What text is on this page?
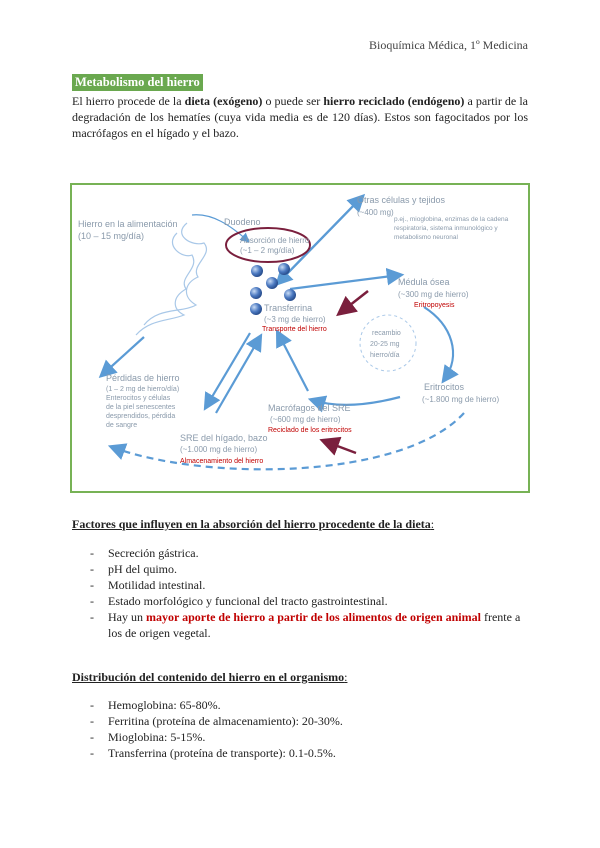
Bioquímica Médica, 1º Medicina
Metabolismo del hierro

El hierro procede de la dieta (exógeno) o puede ser hierro reciclado (endógeno) a partir de la degradación de los hematíes (cuya vida media es de 120 días). Estos son fagocitados por los macrófagos en el hígado y el bazo.

Hierro en la alimentación
(10 – 15 mg/día)
Duodeno
Absorción de hierro
(~1 – 2 mg/día)
Otras células y tejidos
(~400 mg)
p.ej., mioglobina, enzimas de la cadena
respiratoria, sistema inmunológico y
metabolismo neuronal
Transferrina
(~3 mg de hierro)
Transporte del hierro
Médula ósea
(~300 mg de hierro)
Eritropoyesis
recambio
20-25 mg
hierro/día
Pérdidas de hierro
(1 – 2 mg de hierro/día)
Enterocitos y células
de la piel senescentes
desprendidos, pérdida
de sangre
Eritrocitos
(~1.800 mg de hierro)
Macrófagos del SRE
(~600 mg de hierro)
Reciclado de los eritrocitos
SRE del hígado, bazo
(~1.000 mg de hierro)
Almacenamiento del hierro
Factores que influyen en la absorción del hierro procedente de la dieta:
- Secreción gástrica.
- pH del quimo.
- Motilidad intestinal.
- Estado morfológico y funcional del tracto gastrointestinal.
- Hay un mayor aporte de hierro a partir de los alimentos de origen animal frente a los de origen vegetal.
Distribución del contenido del hierro en el organismo:
- Hemoglobina: 65-80%.
- Ferritina (proteína de almacenamiento): 20-30%.
- Mioglobina: 5-15%.
- Transferrina (proteína de transporte): 0.1-0.5%.
